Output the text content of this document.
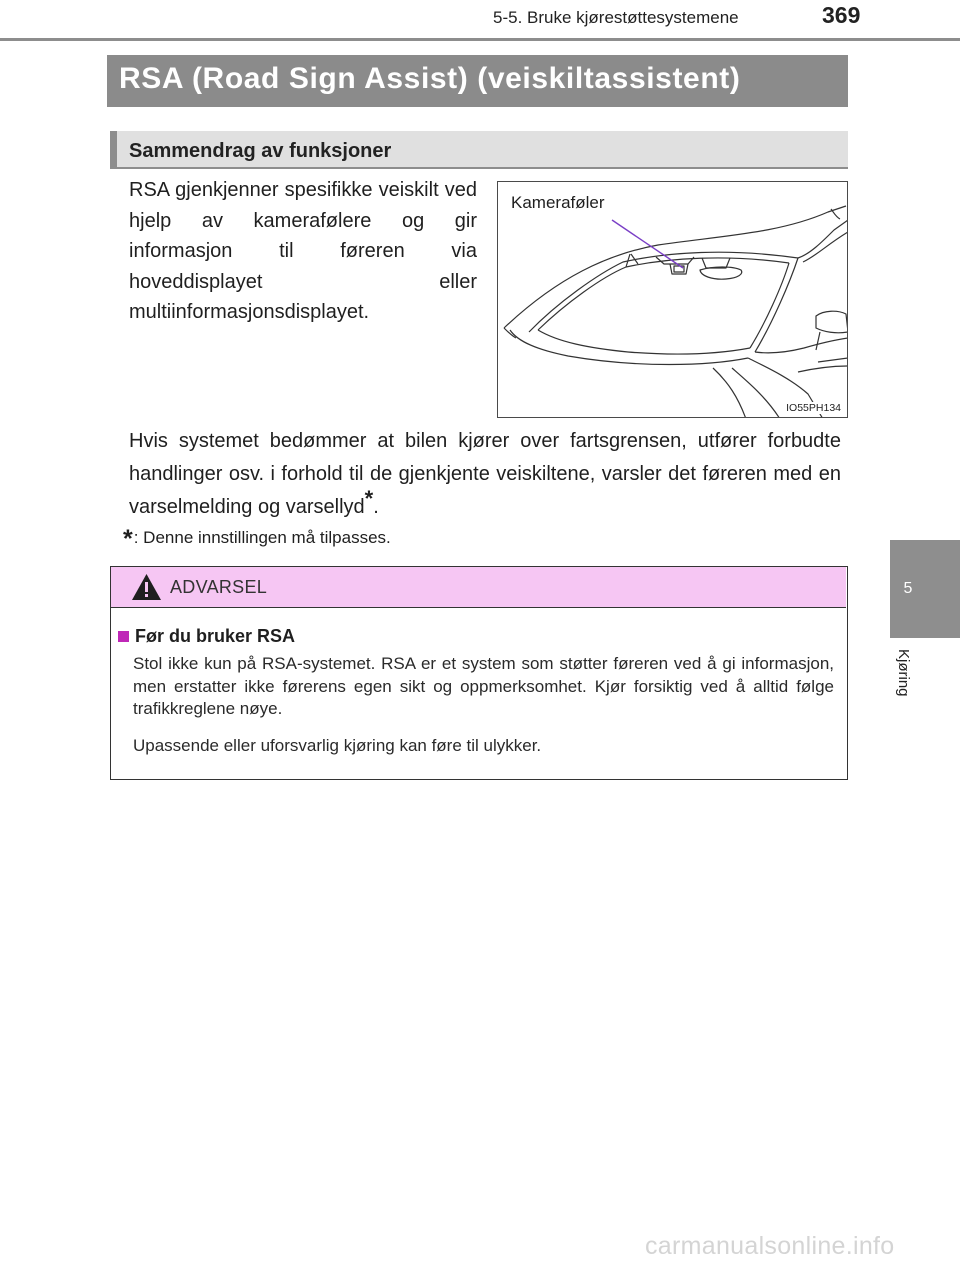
5-5. Bruke kjørestøttesystemene	369
5
Kjøring
RSA (Road Sign Assist) (veiskiltassistent)
Sammendrag av funksjoner
RSA gjenkjenner spesifikke veiskilt ved hjelp av kamerafølere og gir informasjon til føreren via hoveddisplayet eller multiinformasjonsdisplayet.
Kameraføler
IO55PH134
Hvis systemet bedømmer at bilen kjører over fartsgrensen, utfører forbudte handlinger osv. i forhold til de gjenkjente veiskiltene, varsler det føreren med en varselmelding og varsellyd*.
*: Denne innstillingen må tilpasses.
ADVARSEL
Før du bruker RSA
Stol ikke kun på RSA-systemet. RSA er et system som støtter føreren ved å gi informasjon, men erstatter ikke førerens egen sikt og oppmerksomhet. Kjør forsiktig ved å alltid følge trafikkreglene nøye.
Upassende eller uforsvarlig kjøring kan føre til ulykker.
carmanualsonline.info
